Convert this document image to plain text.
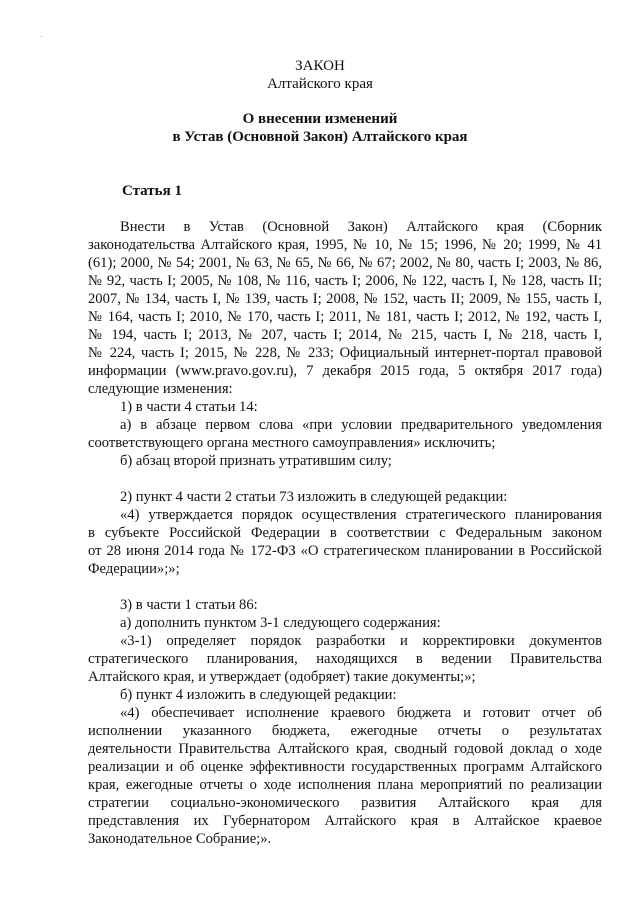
ЗАКОН
Алтайского края
О внесении изменений
в Устав (Основной Закон) Алтайского края
Статья 1
Внести в Устав (Основной Закон) Алтайского края (Сборник
законодательства Алтайского края, 1995, № 10, № 15; 1996, № 20; 1999, № 41
(61); 2000, № 54; 2001, № 63, № 65, № 66, № 67; 2002, № 80, часть I; 2003, № 86,
№ 92, часть I; 2005, № 108, № 116, часть I; 2006, № 122, часть I, № 128, часть II;
2007, № 134, часть I, № 139, часть I; 2008, № 152, часть II; 2009, № 155, часть I,
№ 164, часть I; 2010, № 170, часть I; 2011, № 181, часть I; 2012, № 192, часть I,
№ 194, часть I; 2013, № 207, часть I; 2014, № 215, часть I, № 218, часть I,
№ 224, часть I; 2015, № 228, № 233; Официальный интернет-портал правовой
информации (www.pravo.gov.ru), 7 декабря 2015 года, 5 октября 2017 года)
следующие изменения:
1) в части 4 статьи 14:
а) в абзаце первом слова «при условии предварительного уведомления
соответствующего органа местного самоуправления» исключить;
б) абзац второй признать утратившим силу;
2) пункт 4 части 2 статьи 73 изложить в следующей редакции:
«4) утверждается порядок осуществления стратегического планирования
в субъекте Российской Федерации в соответствии с Федеральным законом
от 28 июня 2014 года № 172-ФЗ «О стратегическом планировании в Российской
Федерации»;»;
3) в части 1 статьи 86:
а) дополнить пунктом 3-1 следующего содержания:
«3-1) определяет порядок разработки и корректировки документов
стратегического планирования, находящихся в ведении Правительства
Алтайского края, и утверждает (одобряет) такие документы;»;
б) пункт 4 изложить в следующей редакции:
«4) обеспечивает исполнение краевого бюджета и готовит отчет об
исполнении указанного бюджета, ежегодные отчеты о результатах
деятельности Правительства Алтайского края, сводный годовой доклад о ходе
реализации и об оценке эффективности государственных программ Алтайского
края, ежегодные отчеты о ходе исполнения плана мероприятий по реализации
стратегии социально-экономического развития Алтайского края для
представления их Губернатором Алтайского края в Алтайское краевое
Законодательное Собрание;».
